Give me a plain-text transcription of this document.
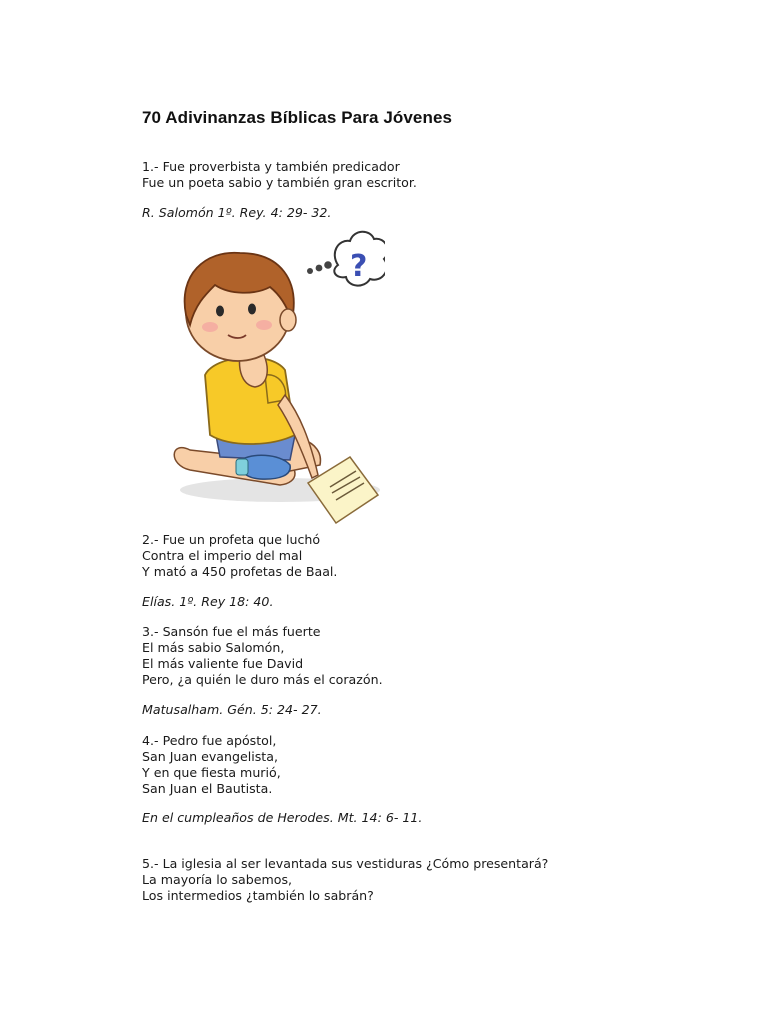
70 Adivinanzas Bíblicas Para Jóvenes
1.- Fue proverbista y también predicador
Fue un poeta sabio y también gran escritor.
R. Salomón 1º. Rey. 4: 29- 32.
?
2.- Fue un profeta que luchó
Contra el imperio del mal
Y mató a 450 profetas de Baal.
Elías. 1º. Rey 18: 40.
3.- Sansón fue el más fuerte
El más sabio Salomón,
El más valiente fue David
Pero, ¿a quién le duro más el corazón.
Matusalham. Gén. 5: 24- 27.
4.- Pedro fue apóstol,
San Juan evangelista,
Y en que fiesta murió,
San Juan el Bautista.
En el cumpleaños de Herodes. Mt. 14: 6- 11.
5.- La iglesia al ser levantada sus vestiduras ¿Cómo presentará?
La mayoría lo sabemos,
Los intermedios ¿también lo sabrán?
